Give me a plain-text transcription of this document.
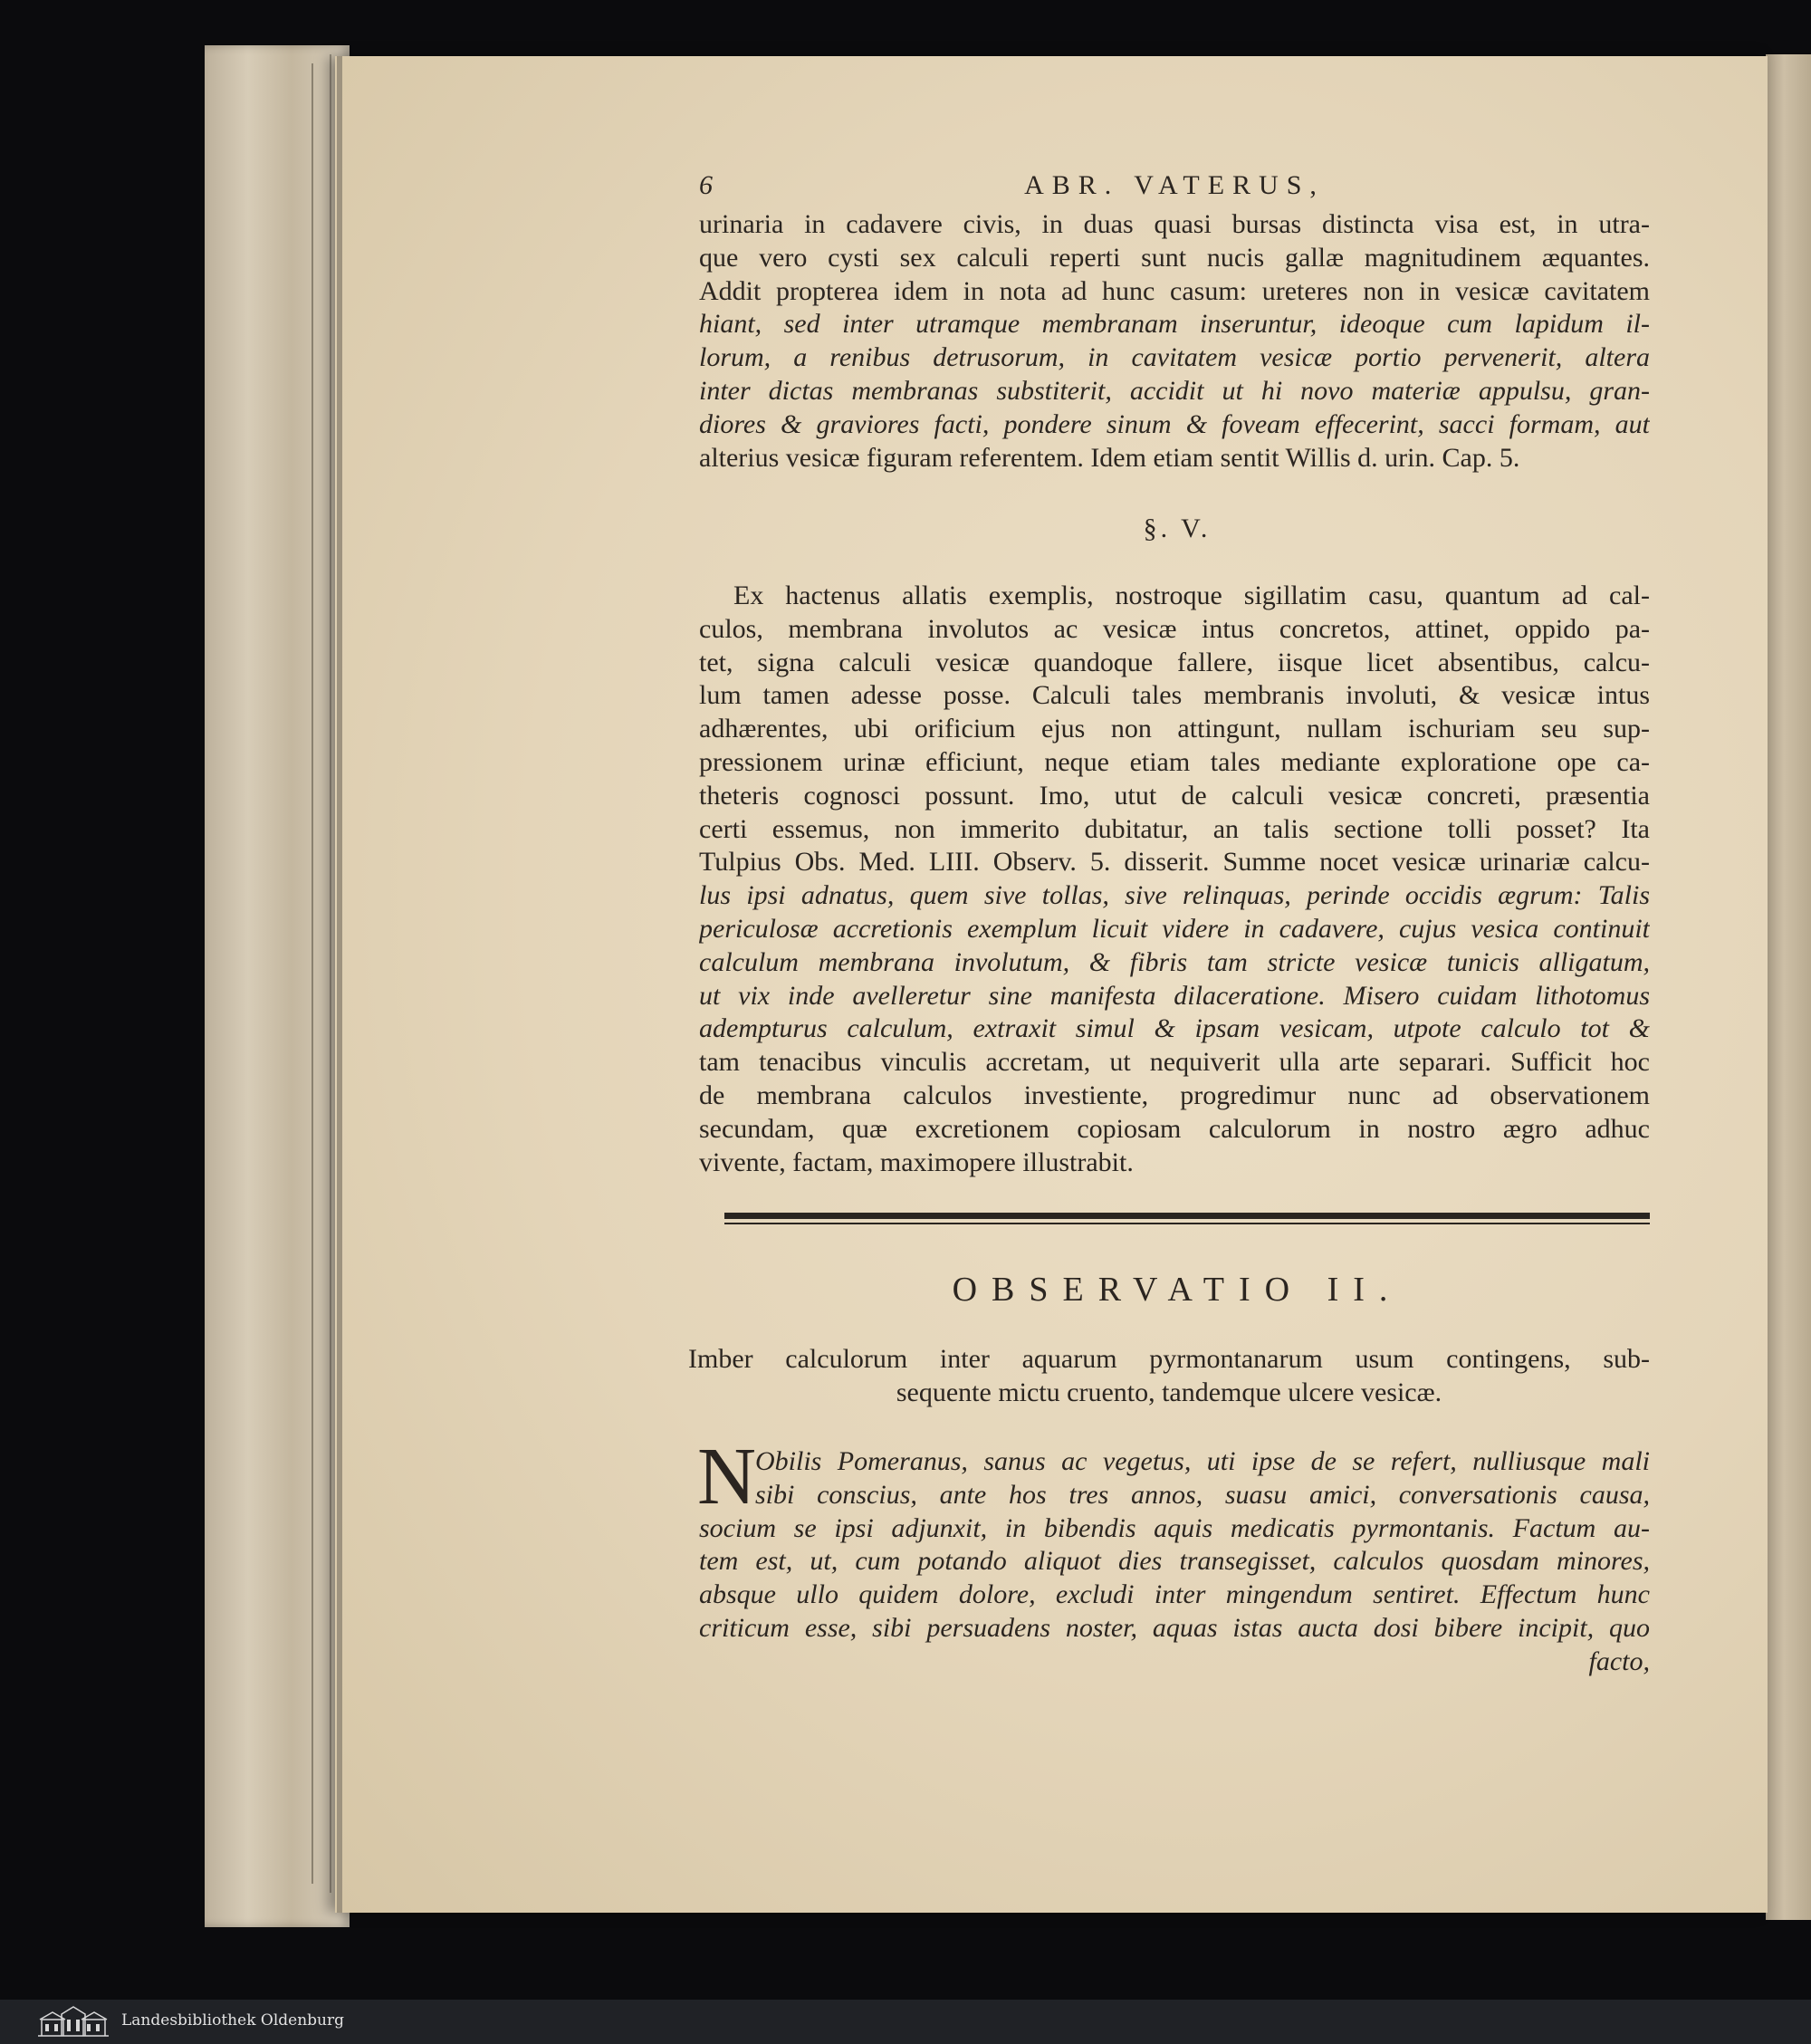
6	ABR. VATERUS,
urinaria in cadavere civis, in duas quasi bursas distincta visa est, in utra-
que vero cysti sex calculi reperti sunt nucis gallæ magnitudinem æquantes.
Addit propterea idem in nota ad hunc casum: ureteres non in vesicæ cavitatem
hiant, sed inter utramque membranam inseruntur, ideoque cum lapidum il-
lorum, a renibus detrusorum, in cavitatem vesicæ portio pervenerit, altera
inter dictas membranas substiterit, accidit ut hi novo materiæ appulsu, gran-
diores & graviores facti, pondere sinum & foveam effecerint, sacci formam, aut
alterius vesicæ figuram referentem. Idem etiam sentit Willis d. urin. Cap. 5.
§. V.
Ex hactenus allatis exemplis, nostroque sigillatim casu, quantum ad cal-
culos, membrana involutos ac vesicæ intus concretos, attinet, oppido pa-
tet, signa calculi vesicæ quandoque fallere, iisque licet absentibus, calcu-
lum tamen adesse posse. Calculi tales membranis involuti, & vesicæ intus
adhærentes, ubi orificium ejus non attingunt, nullam ischuriam seu sup-
pressionem urinæ efficiunt, neque etiam tales mediante exploratione ope ca-
theteris cognosci possunt. Imo, utut de calculi vesicæ concreti, præsentia
certi essemus, non immerito dubitatur, an talis sectione tolli posset? Ita
Tulpius Obs. Med. LIII. Observ. 5. disserit. Summe nocet vesicæ urinariæ calcu-
lus ipsi adnatus, quem sive tollas, sive relinquas, perinde occidis ægrum: Talis
periculosæ accretionis exemplum licuit videre in cadavere, cujus vesica continuit
calculum membrana involutum, & fibris tam stricte vesicæ tunicis alligatum,
ut vix inde avelleretur sine manifesta dilaceratione. Misero cuidam lithotomus
adempturus calculum, extraxit simul & ipsam vesicam, utpote calculo tot &
tam tenacibus vinculis accretam, ut nequiverit ulla arte separari. Sufficit hoc
de membrana calculos investiente, progredimur nunc ad observationem
secundam, quæ excretionem copiosam calculorum in nostro ægro adhuc
vivente, factam, maximopere illustrabit.
OBSERVATIO II.
Imber calculorum inter aquarum pyrmontanarum usum contingens, sub-
sequente mictu cruento, tandemque ulcere vesicæ.
N Obilis Pomeranus, sanus ac vegetus, uti ipse de se refert, nulliusque mali
sibi conscius, ante hos tres annos, suasu amici, conversationis causa,
socium se ipsi adjunxit, in bibendis aquis medicatis pyrmontanis. Factum au-
tem est, ut, cum potando aliquot dies transegisset, calculos quosdam minores,
absque ullo quidem dolore, excludi inter mingendum sentiret. Effectum hunc
criticum esse, sibi persuadens noster, aquas istas aucta dosi bibere incipit, quo
facto,
Landesbibliothek Oldenburg
